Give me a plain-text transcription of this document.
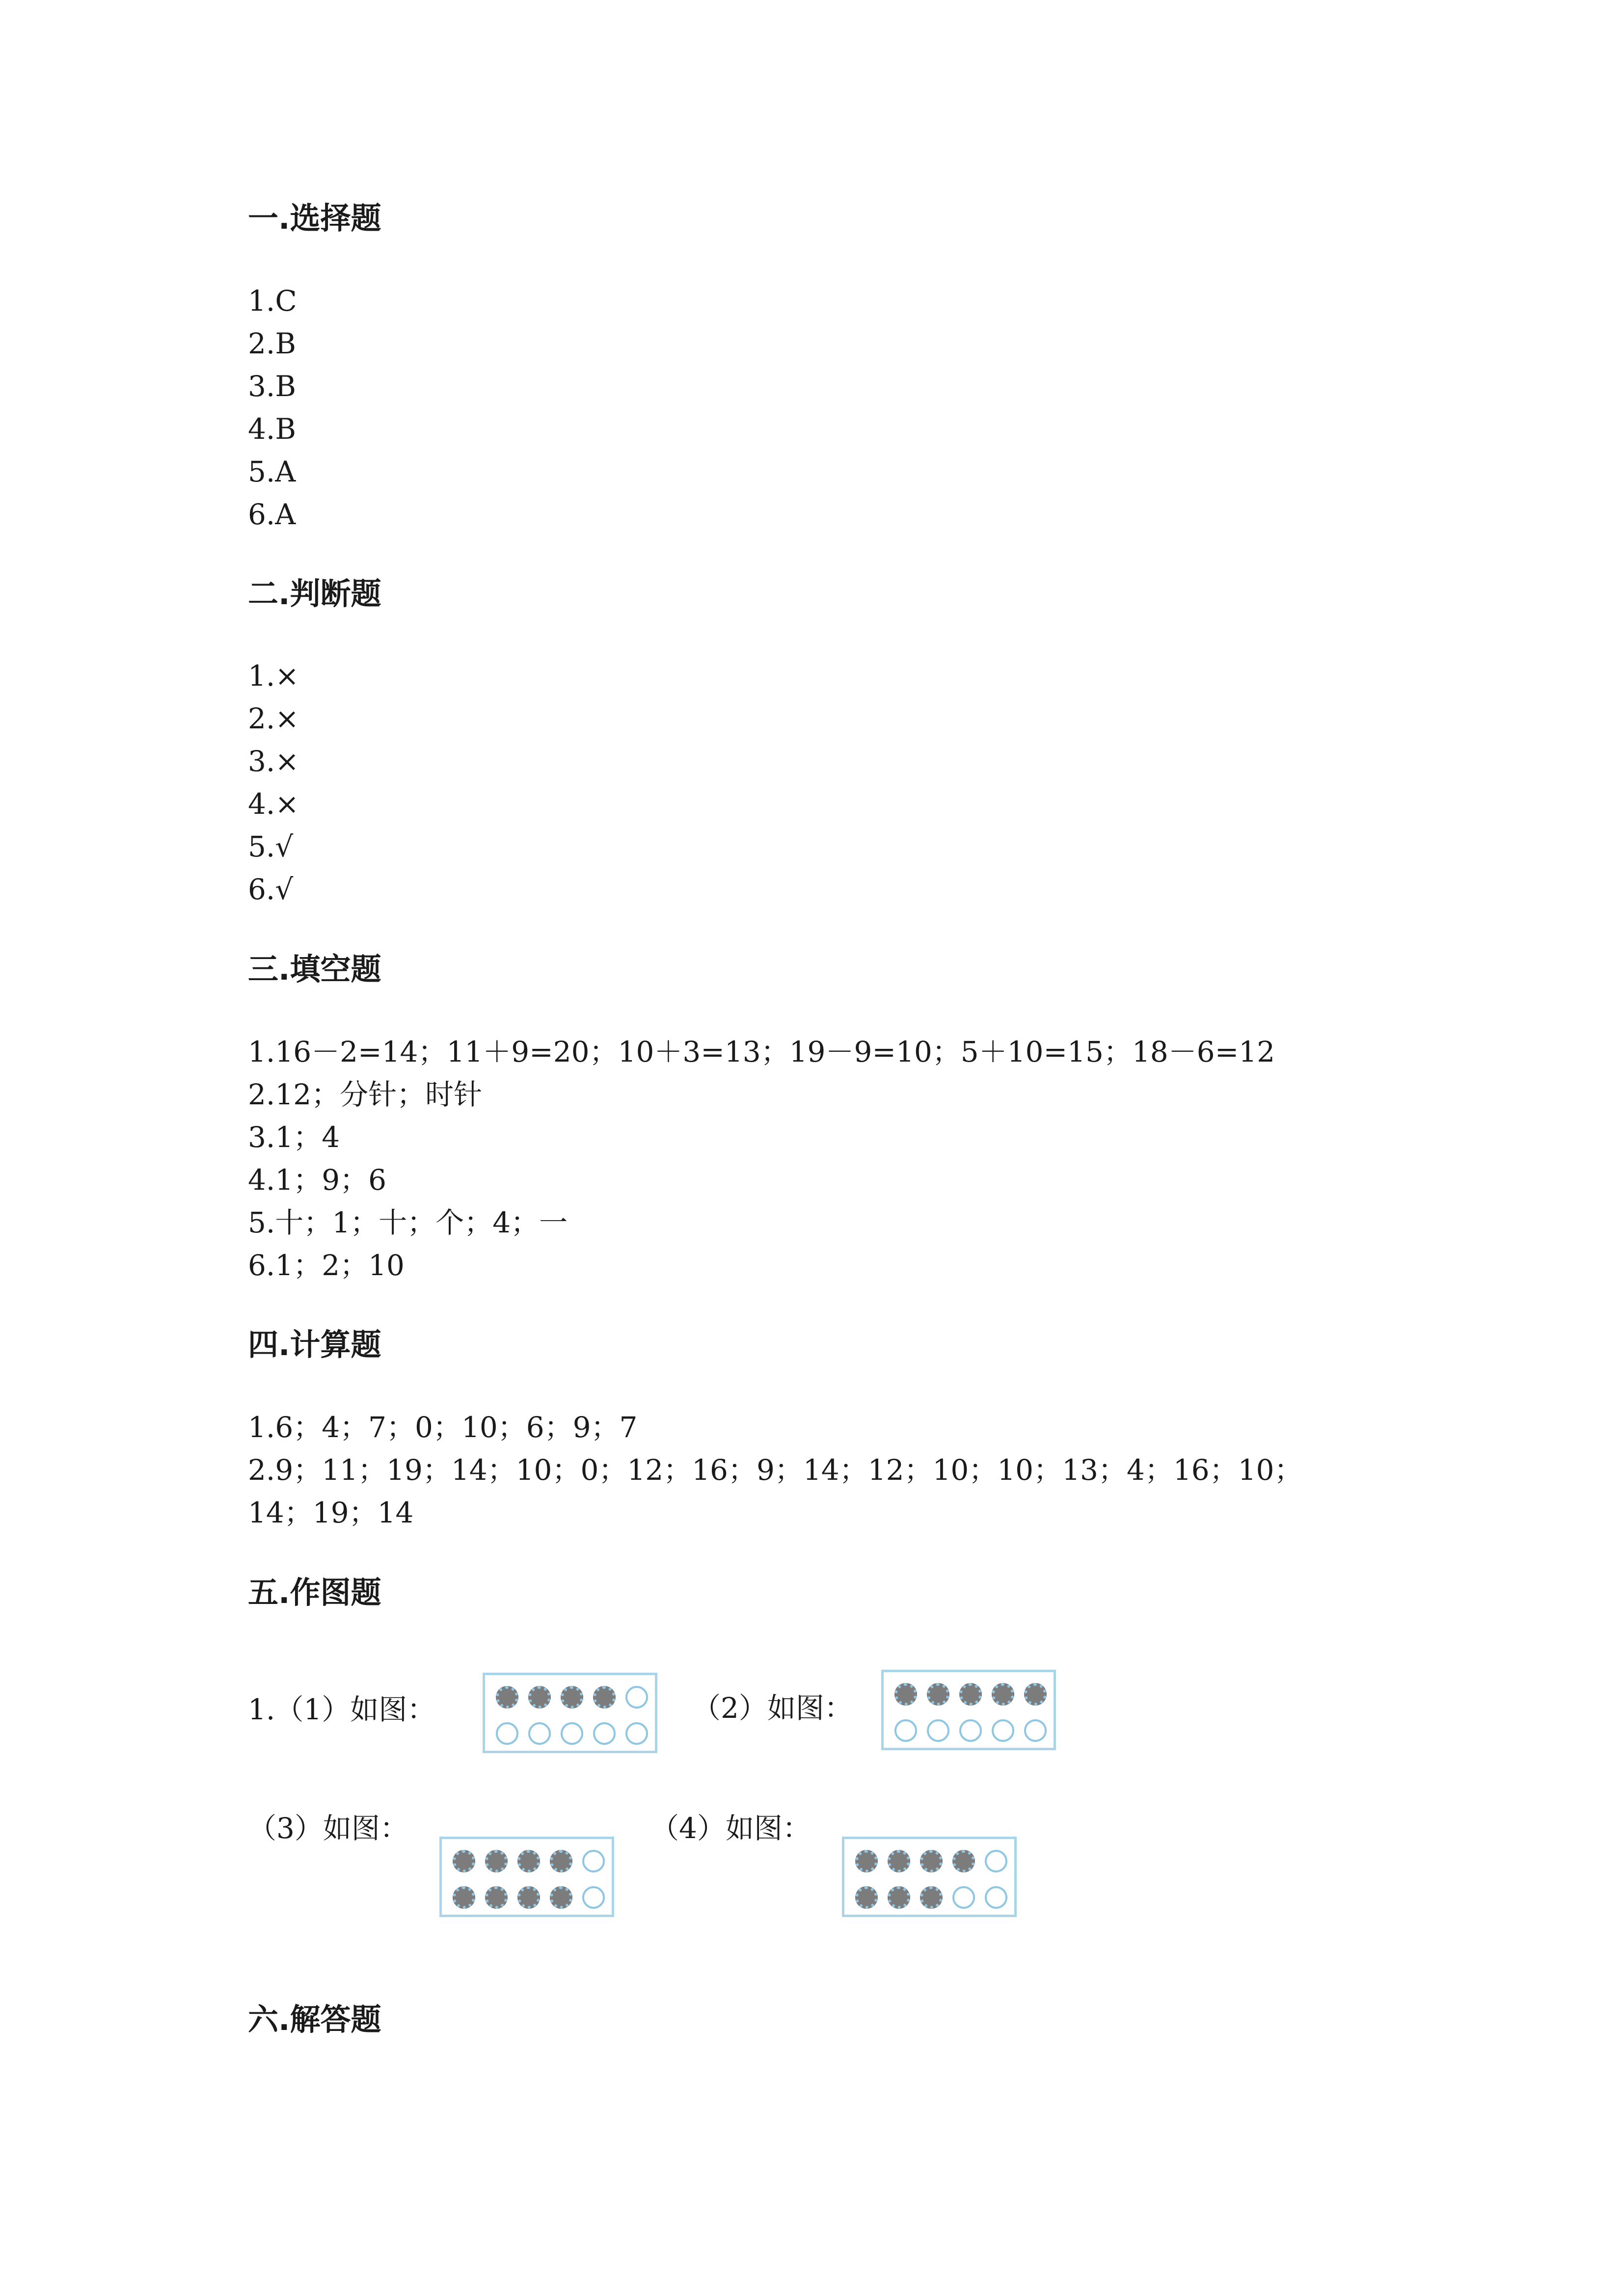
一.选择题
1.C
2.B
3.B
4.B
5.A
6.A
二.判断题
1.×
2.×
3.×
4.×
5.√
6.√
三.填空题
1.16－2=14；11＋9=20；10＋3=13；19－9=10；5＋10=15；18－6=12
2.12；分针；时针
3.1；4
4.1；9；6
5.十；1；十；个；4；一
6.1；2；10
四.计算题
1.6；4；7；0；10；6；9；7
2.9；11；19；14；10；0；12；16；9；14；12；10；10；13；4；16；10；
14；19；14
五.作图题
1.（1）如图：	（2）如图：
（3）如图：	（4）如图：
六.解答题
